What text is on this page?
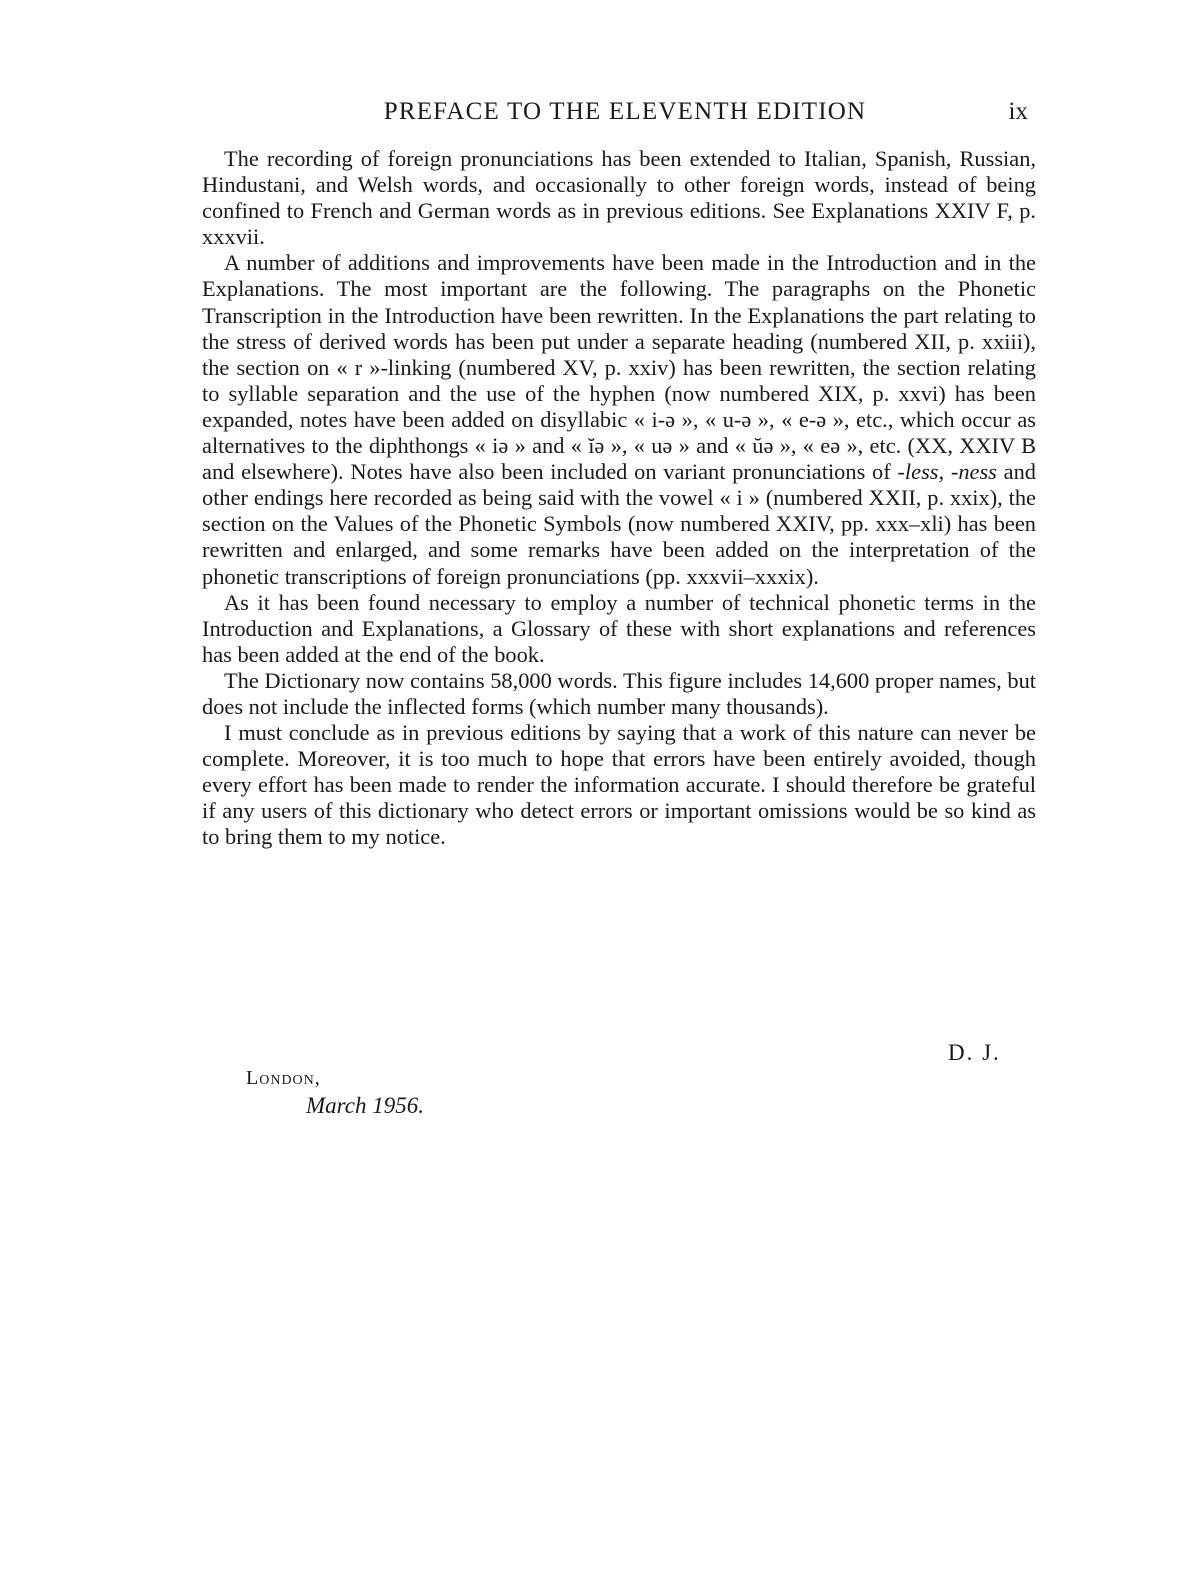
PREFACE TO THE ELEVENTH EDITION	ix

The recording of foreign pronunciations has been extended to Italian, Spanish, Russian, Hindustani, and Welsh words, and occasionally to other foreign words, instead of being confined to French and German words as in previous editions. See Explanations XXIV F, p. xxxvii.

A number of additions and improvements have been made in the Introduction and in the Explanations. The most important are the following. The paragraphs on the Phonetic Transcription in the Introduction have been rewritten. In the Explanations the part relating to the stress of derived words has been put under a separate heading (numbered XII, p. xxiii), the section on « r »-linking (numbered XV, p. xxiv) has been rewritten, the section relating to syllable separation and the use of the hyphen (now numbered XIX, p. xxvi) has been expanded, notes have been added on disyllabic « i-ə », « u-ə », « e-ə », etc., which occur as alternatives to the diphthongs « iə » and « ĭə », « uə » and « ŭə », « eə », etc. (XX, XXIV B and elsewhere). Notes have also been included on variant pronunciations of -less, -ness and other endings here recorded as being said with the vowel « i » (numbered XXII, p. xxix), the section on the Values of the Phonetic Symbols (now numbered XXIV, pp. xxx–xli) has been rewritten and enlarged, and some remarks have been added on the interpretation of the phonetic transcriptions of foreign pronunciations (pp. xxxvii–xxxix).

As it has been found necessary to employ a number of technical phonetic terms in the Introduction and Explanations, a Glossary of these with short explanations and references has been added at the end of the book.

The Dictionary now contains 58,000 words. This figure includes 14,600 proper names, but does not include the inflected forms (which number many thousands).

I must conclude as in previous editions by saying that a work of this nature can never be complete. Moreover, it is too much to hope that errors have been entirely avoided, though every effort has been made to render the information accurate. I should therefore be grateful if any users of this dictionary who detect errors or important omissions would be so kind as to bring them to my notice.

D. J.
London,
March 1956.
